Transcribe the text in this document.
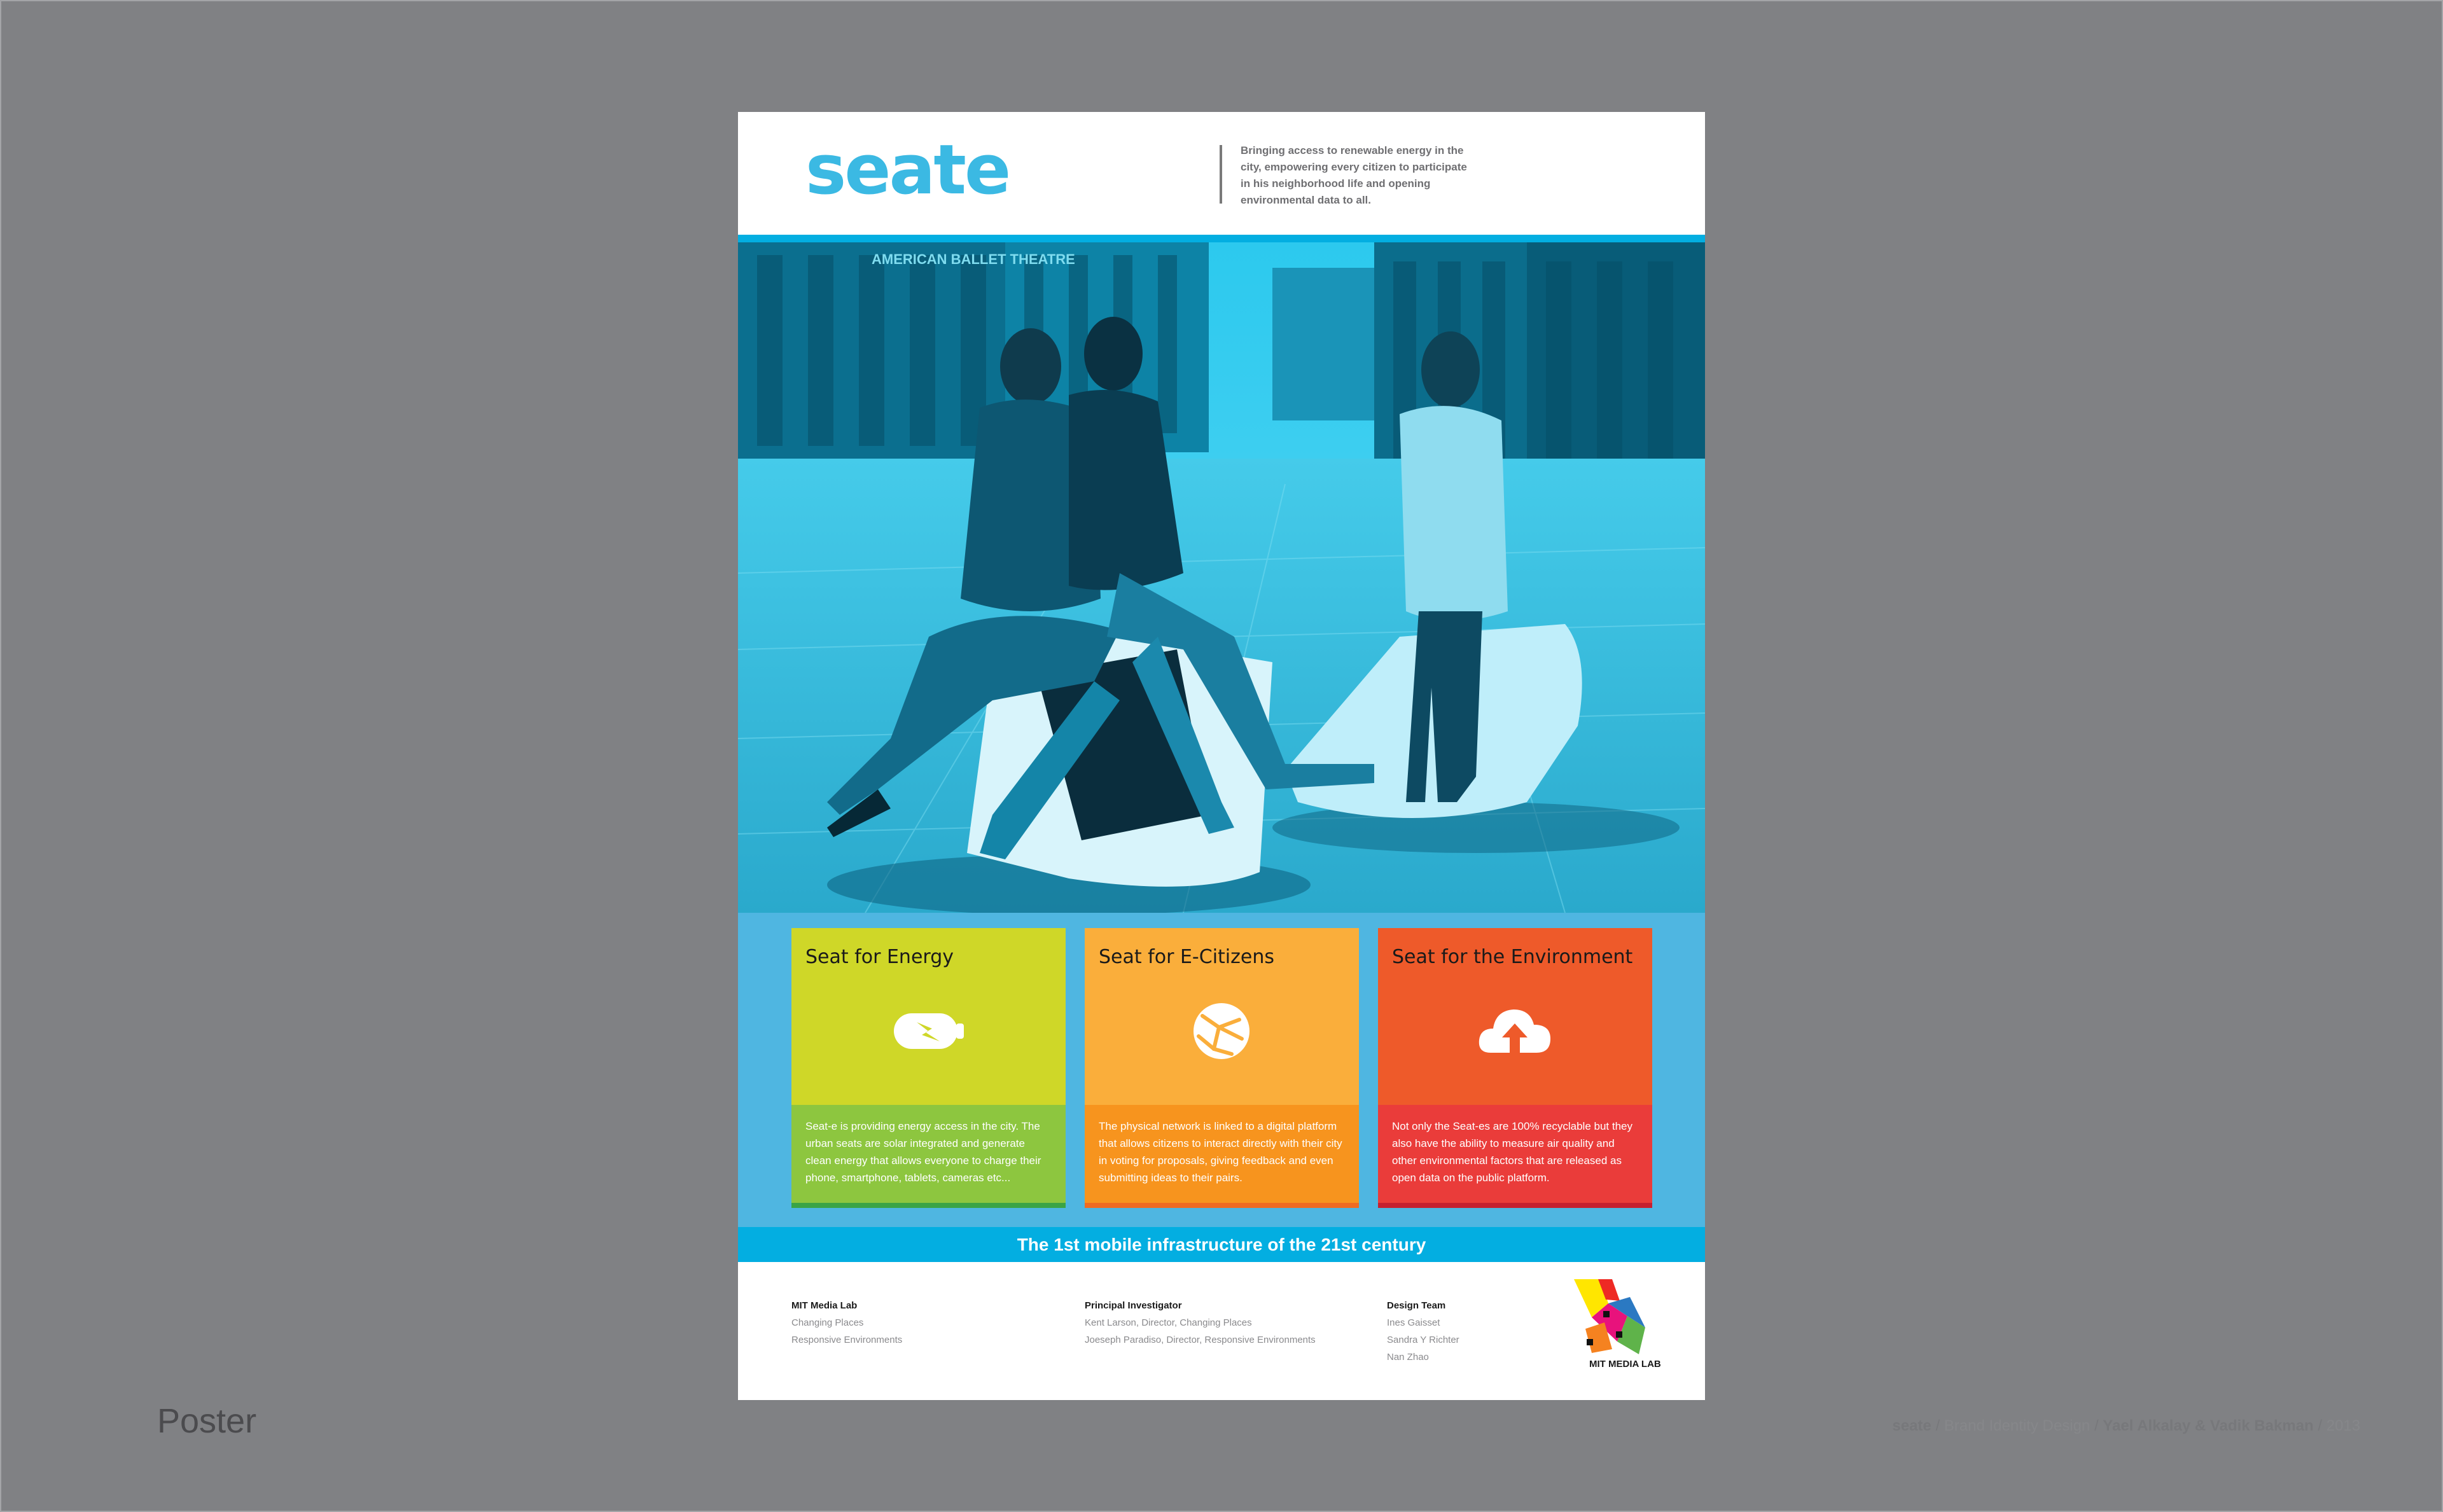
seate	Bringing access to renewable energy in the city, empowering every citizen to participate in his neighborhood life and opening environmental data to all.
AMERICAN BALLET THEATRE
Seat for Energy
Seat-e is providing energy access in the city. The urban seats are solar integrated and generate clean energy that allows everyone to charge their phone, smartphone, tablets, cameras etc...
Seat for E-Citizens
The physical network is linked to a digital platform that allows citizens to interact directly with their city in voting for proposals, giving feedback and even submitting ideas to their pairs.
Seat for the Environment
Not only the Seat-es are 100% recyclable but they also have the ability to measure air quality and other environmental factors that are released as open data on the public platform.
The 1st mobile infrastructure of the 21st century
MIT Media Lab
Changing Places
Responsive Environments
Principal Investigator
Kent Larson, Director, Changing Places
Joeseph Paradiso, Director, Responsive Environments
Design Team
Ines Gaisset
Sandra Y Richter
Nan Zhao
MIT MEDIA LAB
Poster	seate / Brand Identity Design / Yael Alkalay & Vadik Bakman / 2013
